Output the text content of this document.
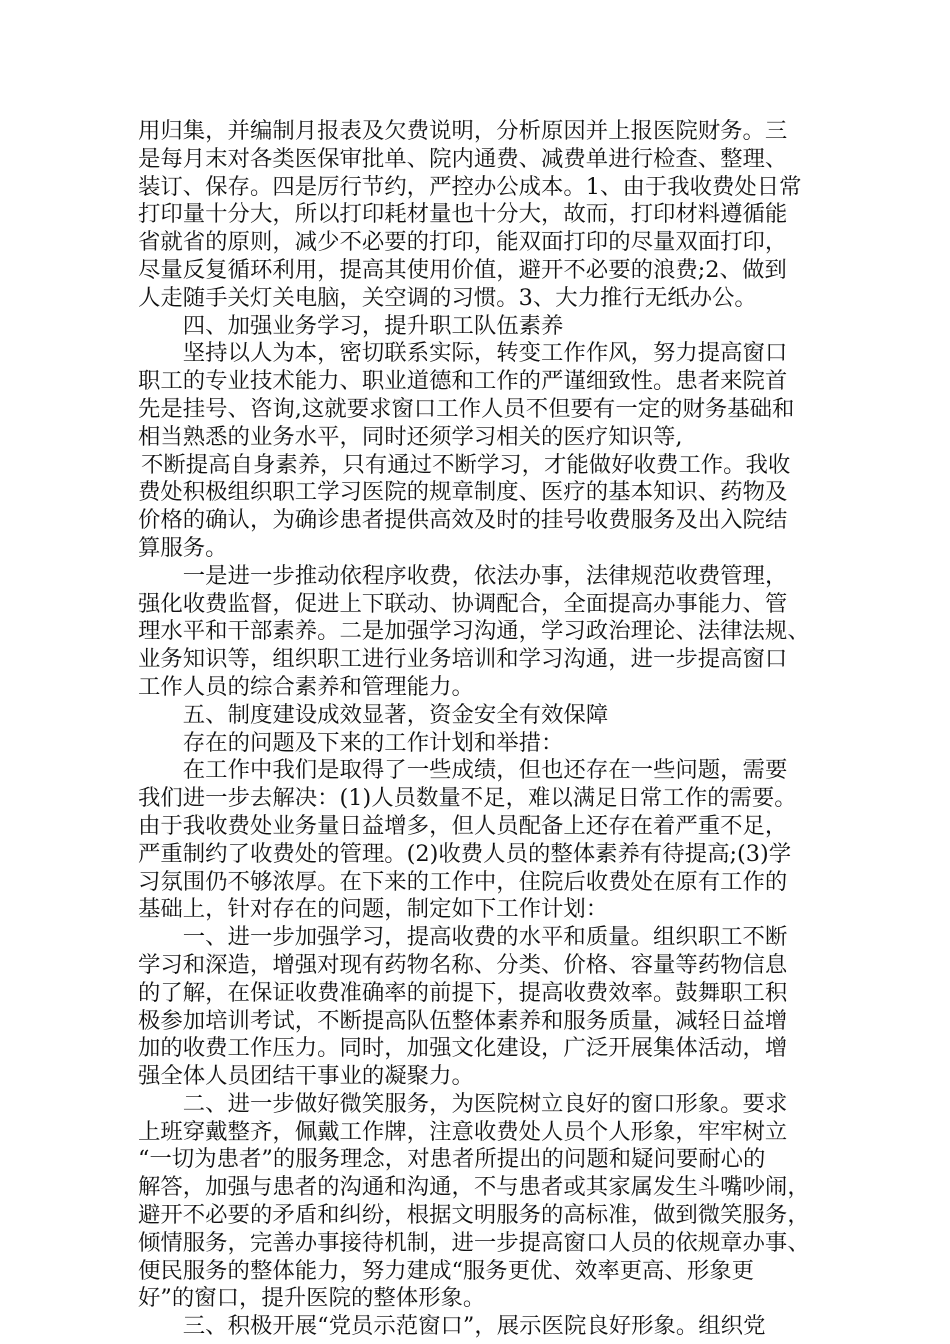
用归集，并编制月报表及欠费说明，分析原因并上报医院财务。三
是每月末对各类医保审批单、院内通费、减费单进行检查、整理、
装订、保存。四是厉行节约，严控办公成本。1、由于我收费处日常
打印量十分大，所以打印耗材量也十分大，故而，打印材料遵循能
省就省的原则，减少不必要的打印，能双面打印的尽量双面打印，
尽量反复循环利用，提高其使用价值，避开不必要的浪费;2、做到
人走随手关灯关电脑，关空调的习惯。3、大力推行无纸办公。
四、加强业务学习，提升职工队伍素养
坚持以人为本，密切联系实际，转变工作作风，努力提高窗口
职工的专业技术能力、职业道德和工作的严谨细致性。患者来院首
先是挂号、咨询,这就要求窗口工作人员不但要有一定的财务基础和
相当熟悉的业务水平，同时还须学习相关的医疗知识等,
不断提高自身素养，只有通过不断学习，才能做好收费工作。我收
费处积极组织职工学习医院的规章制度、医疗的基本知识、药物及
价格的确认，为确诊患者提供高效及时的挂号收费服务及出入院结
算服务。
一是进一步推动依程序收费，依法办事，法律规范收费管理，
强化收费监督，促进上下联动、协调配合，全面提高办事能力、管
理水平和干部素养。二是加强学习沟通，学习政治理论、法律法规、
业务知识等，组织职工进行业务培训和学习沟通，进一步提高窗口
工作人员的综合素养和管理能力。
五、制度建设成效显著，资金安全有效保障
存在的问题及下来的工作计划和举措：
在工作中我们是取得了一些成绩，但也还存在一些问题，需要
我们进一步去解决：(1)人员数量不足，难以满足日常工作的需要。
由于我收费处业务量日益增多，但人员配备上还存在着严重不足，
严重制约了收费处的管理。(2)收费人员的整体素养有待提高;(3)学
习氛围仍不够浓厚。在下来的工作中，住院后收费处在原有工作的
基础上，针对存在的问题，制定如下工作计划：
一、进一步加强学习，提高收费的水平和质量。组织职工不断
学习和深造，增强对现有药物名称、分类、价格、容量等药物信息
的了解，在保证收费准确率的前提下，提高收费效率。鼓舞职工积
极参加培训考试，不断提高队伍整体素养和服务质量，减轻日益增
加的收费工作压力。同时，加强文化建设，广泛开展集体活动，增
强全体人员团结干事业的凝聚力。
二、进一步做好微笑服务，为医院树立良好的窗口形象。要求
上班穿戴整齐，佩戴工作牌，注意收费处人员个人形象，牢牢树立
“一切为患者”的服务理念，对患者所提出的问题和疑问要耐心的
解答，加强与患者的沟通和沟通，不与患者或其家属发生斗嘴吵闹，
避开不必要的矛盾和纠纷，根据文明服务的高标准，做到微笑服务，
倾情服务，完善办事接待机制，进一步提高窗口人员的依规章办事、
便民服务的整体能力，努力建成“服务更优、效率更高、形象更
好”的窗口，提升医院的整体形象。
三、积极开展“党员示范窗口”，展示医院良好形象。组织党
